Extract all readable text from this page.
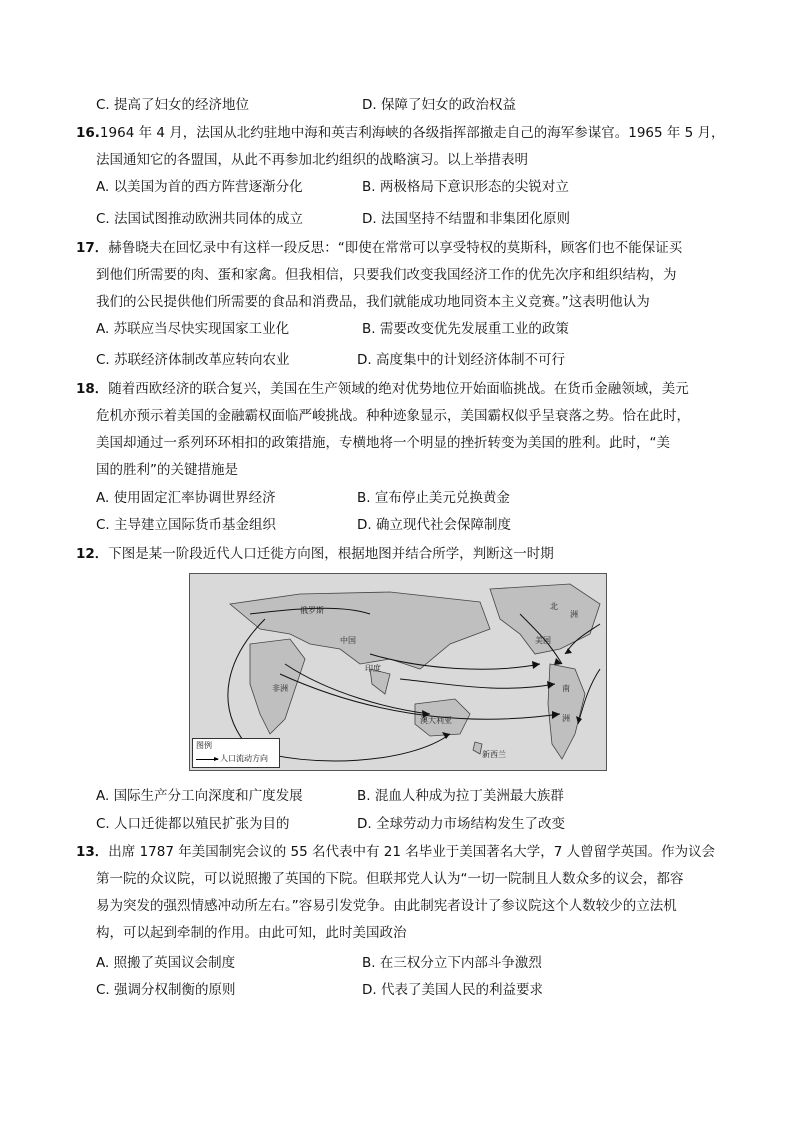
C. 提高了妇女的经济地位	D. 保障了妇女的政治权益
16.1964 年 4 月，法国从北约驻地中海和英吉利海峡的各级指挥部撤走自己的海军参谋官。1965 年 5 月，
法国通知它的各盟国，从此不再参加北约组织的战略演习。以上举措表明
A. 以美国为首的西方阵营逐渐分化	B. 两极格局下意识形态的尖锐对立
C. 法国试图推动欧洲共同体的成立	D. 法国坚持不结盟和非集团化原则
17．赫鲁晓夫在回忆录中有这样一段反思：“即使在常常可以享受特权的莫斯科，顾客们也不能保证买
到他们所需要的肉、蛋和家禽。但我相信，只要我们改变我国经济工作的优先次序和组织结构，为
我们的公民提供他们所需要的食品和消费品，我们就能成功地同资本主义竞赛。”这表明他认为
A. 苏联应当尽快实现国家工业化	B. 需要改变优先发展重工业的政策
C. 苏联经济体制改革应转向农业	D. 高度集中的计划经济体制不可行
18．随着西欧经济的联合复兴，美国在生产领域的绝对优势地位开始面临挑战。在货币金融领域，美元
危机亦预示着美国的金融霸权面临严峻挑战。种种迹象显示，美国霸权似乎呈衰落之势。恰在此时，
美国却通过一系列环环相扣的政策措施，专横地将一个明显的挫折转变为美国的胜利。此时，“美
国的胜利”的关键措施是
A. 使用固定汇率协调世界经济	B. 宣布停止美元兑换黄金
C. 主导建立国际货币基金组织	D. 确立现代社会保障制度
12．下图是某一阶段近代人口迁徙方向图，根据地图并结合所学，判断这一时期
俄罗斯
中国
印度
非洲
澳大利亚
新西兰
美国
北
洲
南
洲
图例
人口流动方向
A. 国际生产分工向深度和广度发展	B. 混血人种成为拉丁美洲最大族群
C. 人口迁徙都以殖民扩张为目的	D. 全球劳动力市场结构发生了改变
13．出席 1787 年美国制宪会议的 55 名代表中有 21 名毕业于美国著名大学，7 人曾留学英国。作为议会
第一院的众议院，可以说照搬了英国的下院。但联邦党人认为“一切一院制且人数众多的议会，都容
易为突发的强烈情感冲动所左右。”容易引发党争。由此制宪者设计了参议院这个人数较少的立法机
构，可以起到牵制的作用。由此可知，此时美国政治
A. 照搬了英国议会制度	B. 在三权分立下内部斗争激烈
C. 强调分权制衡的原则	D. 代表了美国人民的利益要求
